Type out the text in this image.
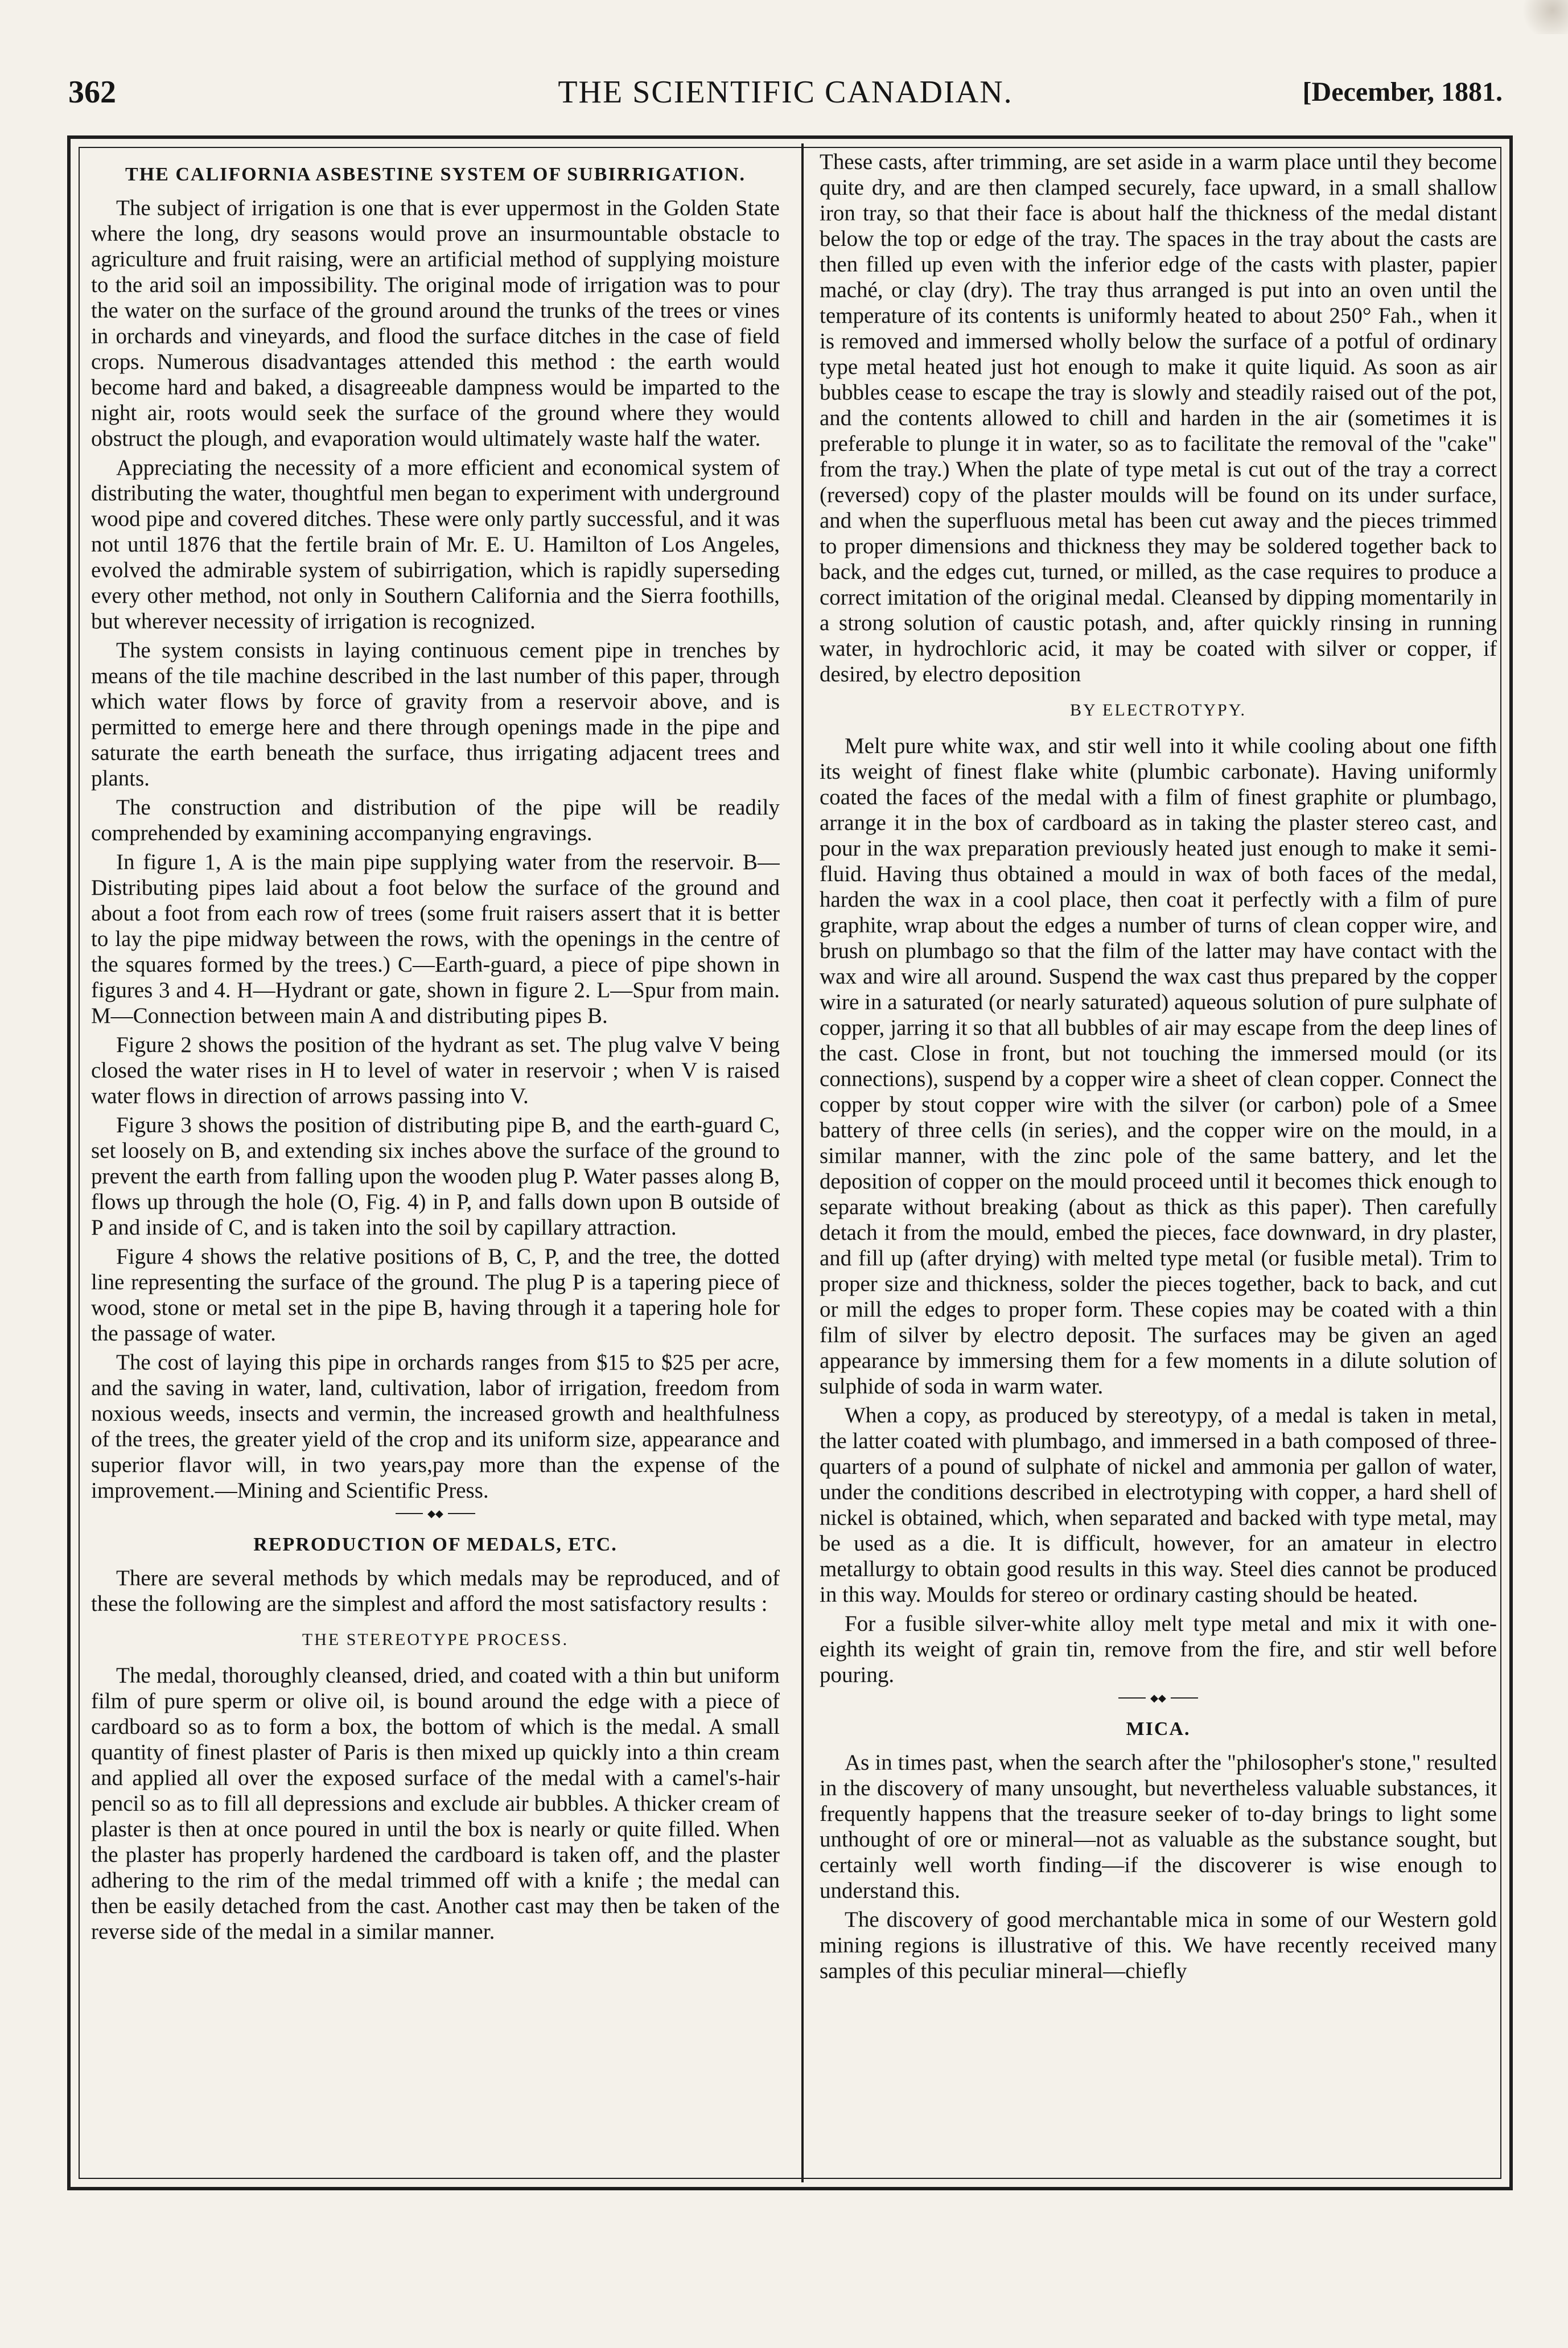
362	THE SCIENTIFIC CANADIAN.	[December, 1881.
THE CALIFORNIA ASBESTINE SYSTEM OF SUBIRRIGATION.

The subject of irrigation is one that is ever uppermost in the Golden State where the long, dry seasons would prove an insurmountable obstacle to agriculture and fruit raising, were an artificial method of supplying moisture to the arid soil an impossibility. The original mode of irrigation was to pour the water on the surface of the ground around the trunks of the trees or vines in orchards and vineyards, and flood the surface ditches in the case of field crops. Numerous disadvantages attended this method : the earth would become hard and baked, a disagreeable dampness would be imparted to the night air, roots would seek the surface of the ground where they would obstruct the plough, and evaporation would ultimately waste half the water.

Appreciating the necessity of a more efficient and economical system of distributing the water, thoughtful men began to experiment with underground wood pipe and covered ditches. These were only partly successful, and it was not until 1876 that the fertile brain of Mr. E. U. Hamilton of Los Angeles, evolved the admirable system of subirrigation, which is rapidly superseding every other method, not only in Southern California and the Sierra foothills, but wherever necessity of irrigation is recognized.

The system consists in laying continuous cement pipe in trenches by means of the tile machine described in the last number of this paper, through which water flows by force of gravity from a reservoir above, and is permitted to emerge here and there through openings made in the pipe and saturate the earth beneath the surface, thus irrigating adjacent trees and plants.

The construction and distribution of the pipe will be readily comprehended by examining accompanying engravings.

In figure 1, A is the main pipe supplying water from the reservoir. B—Distributing pipes laid about a foot below the surface of the ground and about a foot from each row of trees (some fruit raisers assert that it is better to lay the pipe midway between the rows, with the openings in the centre of the squares formed by the trees.) C—Earth-guard, a piece of pipe shown in figures 3 and 4. H—Hydrant or gate, shown in figure 2. L—Spur from main. M—Connection between main A and distributing pipes B.

Figure 2 shows the position of the hydrant as set. The plug valve V being closed the water rises in H to level of water in reservoir ; when V is raised water flows in direction of arrows passing into V.

Figure 3 shows the position of distributing pipe B, and the earth-guard C, set loosely on B, and extending six inches above the surface of the ground to prevent the earth from falling upon the wooden plug P. Water passes along B, flows up through the hole (O, Fig. 4) in P, and falls down upon B outside of P and inside of C, and is taken into the soil by capillary attraction.

Figure 4 shows the relative positions of B, C, P, and the tree, the dotted line representing the surface of the ground. The plug P is a tapering piece of wood, stone or metal set in the pipe B, having through it a tapering hole for the passage of water.

The cost of laying this pipe in orchards ranges from $15 to $25 per acre, and the saving in water, land, cultivation, labor of irrigation, freedom from noxious weeds, insects and vermin, the increased growth and healthfulness of the trees, the greater yield of the crop and its uniform size, appearance and superior flavor will, in two years,pay more than the expense of the improvement.—Mining and Scientific Press.

◆◆
REPRODUCTION OF MEDALS, ETC.

There are several methods by which medals may be reproduced, and of these the following are the simplest and afford the most satisfactory results :

THE STEREOTYPE PROCESS.

The medal, thoroughly cleansed, dried, and coated with a thin but uniform film of pure sperm or olive oil, is bound around the edge with a piece of cardboard so as to form a box, the bottom of which is the medal. A small quantity of finest plaster of Paris is then mixed up quickly into a thin cream and applied all over the exposed surface of the medal with a camel's-hair pencil so as to fill all depressions and exclude air bubbles. A thicker cream of plaster is then at once poured in until the box is nearly or quite filled. When the plaster has properly hardened the cardboard is taken off, and the plaster adhering to the rim of the medal trimmed off with a knife ; the medal can then be easily detached from the cast. Another cast may then be taken of the reverse side of the medal in a similar manner.

These casts, after trimming, are set aside in a warm place until they become quite dry, and are then clamped securely, face upward, in a small shallow iron tray, so that their face is about half the thickness of the medal distant below the top or edge of the tray. The spaces in the tray about the casts are then filled up even with the inferior edge of the casts with plaster, papier maché, or clay (dry). The tray thus arranged is put into an oven until the temperature of its contents is uniformly heated to about 250° Fah., when it is removed and immersed wholly below the surface of a potful of ordinary type metal heated just hot enough to make it quite liquid. As soon as air bubbles cease to escape the tray is slowly and steadily raised out of the pot, and the contents allowed to chill and harden in the air (sometimes it is preferable to plunge it in water, so as to facilitate the removal of the "cake" from the tray.) When the plate of type metal is cut out of the tray a correct (reversed) copy of the plaster moulds will be found on its under surface, and when the superfluous metal has been cut away and the pieces trimmed to proper dimensions and thickness they may be soldered together back to back, and the edges cut, turned, or milled, as the case requires to produce a correct imitation of the original medal. Cleansed by dipping momentarily in a strong solution of caustic potash, and, after quickly rinsing in running water, in hydrochloric acid, it may be coated with silver or copper, if desired, by electro deposition

BY ELECTROTYPY.

Melt pure white wax, and stir well into it while cooling about one fifth its weight of finest flake white (plumbic carbonate). Having uniformly coated the faces of the medal with a film of finest graphite or plumbago, arrange it in the box of cardboard as in taking the plaster stereo cast, and pour in the wax preparation previously heated just enough to make it semi-fluid. Having thus obtained a mould in wax of both faces of the medal, harden the wax in a cool place, then coat it perfectly with a film of pure graphite, wrap about the edges a number of turns of clean copper wire, and brush on plumbago so that the film of the latter may have contact with the wax and wire all around. Suspend the wax cast thus prepared by the copper wire in a saturated (or nearly saturated) aqueous solution of pure sulphate of copper, jarring it so that all bubbles of air may escape from the deep lines of the cast. Close in front, but not touching the immersed mould (or its connections), suspend by a copper wire a sheet of clean copper. Connect the copper by stout copper wire with the silver (or carbon) pole of a Smee battery of three cells (in series), and the copper wire on the mould, in a similar manner, with the zinc pole of the same battery, and let the deposition of copper on the mould proceed until it becomes thick enough to separate without breaking (about as thick as this paper). Then carefully detach it from the mould, embed the pieces, face downward, in dry plaster, and fill up (after drying) with melted type metal (or fusible metal). Trim to proper size and thickness, solder the pieces together, back to back, and cut or mill the edges to proper form. These copies may be coated with a thin film of silver by electro deposit. The surfaces may be given an aged appearance by immersing them for a few moments in a dilute solution of sulphide of soda in warm water.

When a copy, as produced by stereotypy, of a medal is taken in metal, the latter coated with plumbago, and immersed in a bath composed of three-quarters of a pound of sulphate of nickel and ammonia per gallon of water, under the conditions described in electrotyping with copper, a hard shell of nickel is obtained, which, when separated and backed with type metal, may be used as a die. It is difficult, however, for an amateur in electro metallurgy to obtain good results in this way. Steel dies cannot be produced in this way. Moulds for stereo or ordinary casting should be heated.

For a fusible silver-white alloy melt type metal and mix it with one-eighth its weight of grain tin, remove from the fire, and stir well before pouring.

◆◆
MICA.

As in times past, when the search after the "philosopher's stone," resulted in the discovery of many unsought, but nevertheless valuable substances, it frequently happens that the treasure seeker of to-day brings to light some unthought of ore or mineral—not as valuable as the substance sought, but certainly well worth finding—if the discoverer is wise enough to understand this.

The discovery of good merchantable mica in some of our Western gold mining regions is illustrative of this. We have recently received many samples of this peculiar mineral—chiefly
